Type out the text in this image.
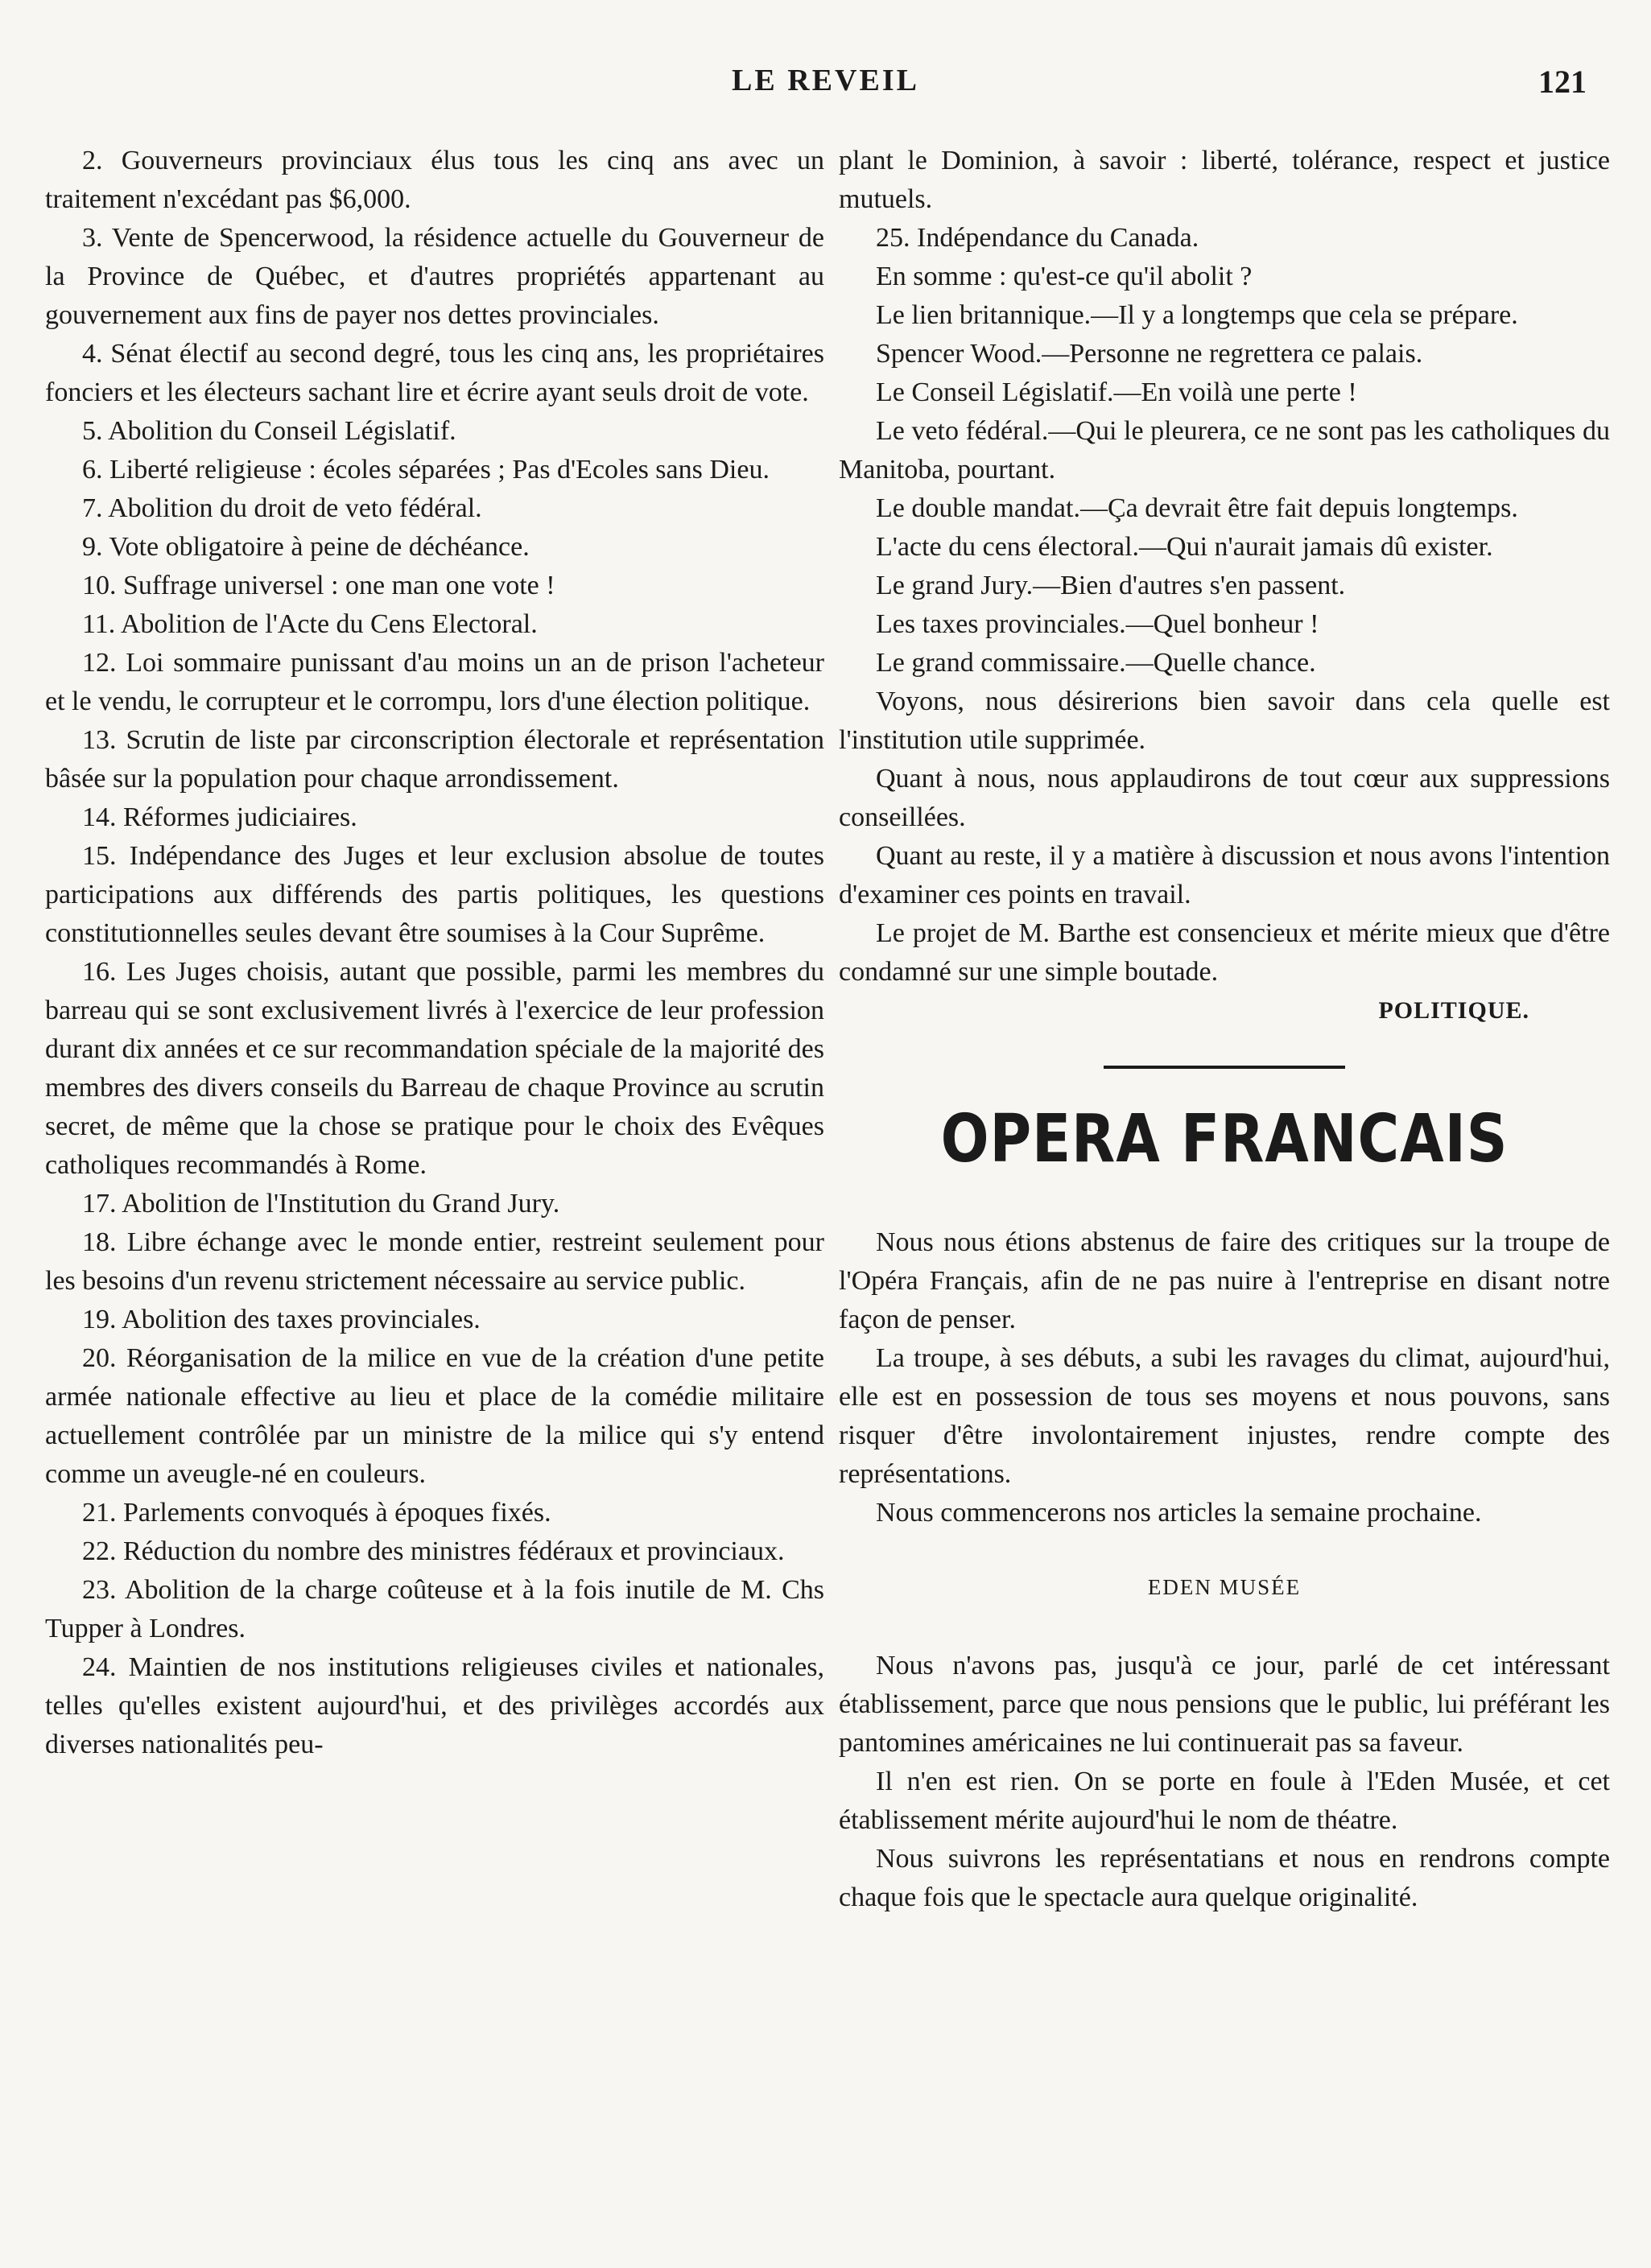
LE REVEIL	121

2. Gouverneurs provinciaux élus tous les cinq ans avec un traitement n'excédant pas $6,000.

3. Vente de Spencerwood, la résidence actuelle du Gouverneur de la Province de Québec, et d'autres propriétés appartenant au gouvernement aux fins de payer nos dettes provinciales.

4. Sénat électif au second degré, tous les cinq ans, les propriétaires fonciers et les électeurs sachant lire et écrire ayant seuls droit de vote.

5. Abolition du Conseil Législatif.

6. Liberté religieuse : écoles séparées ; Pas d'Ecoles sans Dieu.

7. Abolition du droit de veto fédéral.

9. Vote obligatoire à peine de déchéance.

10. Suffrage universel : one man one vote !

11. Abolition de l'Acte du Cens Electoral.

12. Loi sommaire punissant d'au moins un an de prison l'acheteur et le vendu, le corrupteur et le corrompu, lors d'une élection politique.

13. Scrutin de liste par circonscription électorale et représentation bâsée sur la population pour chaque arrondissement.

14. Réformes judiciaires.

15. Indépendance des Juges et leur exclusion absolue de toutes participations aux différends des partis politiques, les questions constitutionnelles seules devant être soumises à la Cour Suprême.

16. Les Juges choisis, autant que possible, parmi les membres du barreau qui se sont exclusivement livrés à l'exercice de leur profession durant dix années et ce sur recommandation spéciale de la majorité des membres des divers conseils du Barreau de chaque Province au scrutin secret, de même que la chose se pratique pour le choix des Evêques catholiques recommandés à Rome.

17. Abolition de l'Institution du Grand Jury.

18. Libre échange avec le monde entier, restreint seulement pour les besoins d'un revenu strictement nécessaire au service public.

19. Abolition des taxes provinciales.

20. Réorganisation de la milice en vue de la création d'une petite armée nationale effective au lieu et place de la comédie militaire actuellement contrôlée par un ministre de la milice qui s'y entend comme un aveugle-né en couleurs.

21. Parlements convoqués à époques fixés.

22. Réduction du nombre des ministres fédéraux et provinciaux.

23. Abolition de la charge coûteuse et à la fois inutile de M. Chs Tupper à Londres.

24. Maintien de nos institutions religieuses civiles et nationales, telles qu'elles existent aujourd'hui, et des privilèges accordés aux diverses nationalités peu-

plant le Dominion, à savoir : liberté, tolérance, respect et justice mutuels.

25. Indépendance du Canada.

En somme : qu'est-ce qu'il abolit ?

Le lien britannique.—Il y a longtemps que cela se prépare.

Spencer Wood.—Personne ne regrettera ce palais.

Le Conseil Législatif.—En voilà une perte !

Le veto fédéral.—Qui le pleurera, ce ne sont pas les catholiques du Manitoba, pourtant.

Le double mandat.—Ça devrait être fait depuis longtemps.

L'acte du cens électoral.—Qui n'aurait jamais dû exister.

Le grand Jury.—Bien d'autres s'en passent.

Les taxes provinciales.—Quel bonheur !

Le grand commissaire.—Quelle chance.

Voyons, nous désirerions bien savoir dans cela quelle est l'institution utile supprimée.

Quant à nous, nous applaudirons de tout cœur aux suppressions conseillées.

Quant au reste, il y a matière à discussion et nous avons l'intention d'examiner ces points en travail.

Le projet de M. Barthe est consencieux et mérite mieux que d'être condamné sur une simple boutade.

POLITIQUE.

OPERA FRANCAIS

Nous nous étions abstenus de faire des critiques sur la troupe de l'Opéra Français, afin de ne pas nuire à l'entreprise en disant notre façon de penser.

La troupe, à ses débuts, a subi les ravages du climat, aujourd'hui, elle est en possession de tous ses moyens et nous pouvons, sans risquer d'être involontairement injustes, rendre compte des représentations.

Nous commencerons nos articles la semaine prochaine.

EDEN MUSÉE

Nous n'avons pas, jusqu'à ce jour, parlé de cet intéressant établissement, parce que nous pensions que le public, lui préférant les pantomines américaines ne lui continuerait pas sa faveur.

Il n'en est rien. On se porte en foule à l'Eden Musée, et cet établissement mérite aujourd'hui le nom de théatre.

Nous suivrons les représentatians et nous en rendrons compte chaque fois que le spectacle aura quelque originalité.
